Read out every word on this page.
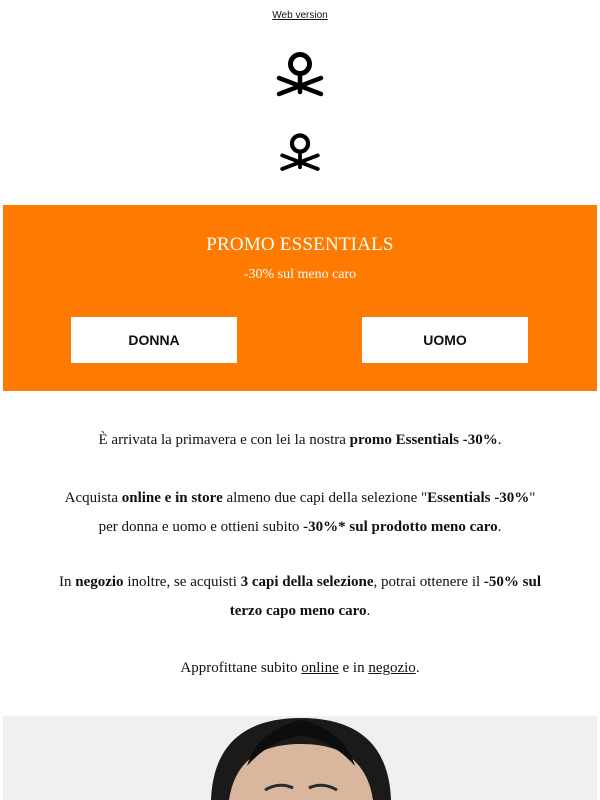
Web version
PROMO ESSENTIALS
-30% sul meno caro
DONNA	UOMO
È arrivata la primavera e con lei la nostra promo Essentials -30%.
Acquista online e in store almeno due capi della selezione "Essentials -30%"
per donna e uomo e ottieni subito -30%* sul prodotto meno caro.
In negozio inoltre, se acquisti 3 capi della selezione, potrai ottenere il -50% sul
terzo capo meno caro.
Approfittane subito online e in negozio.
